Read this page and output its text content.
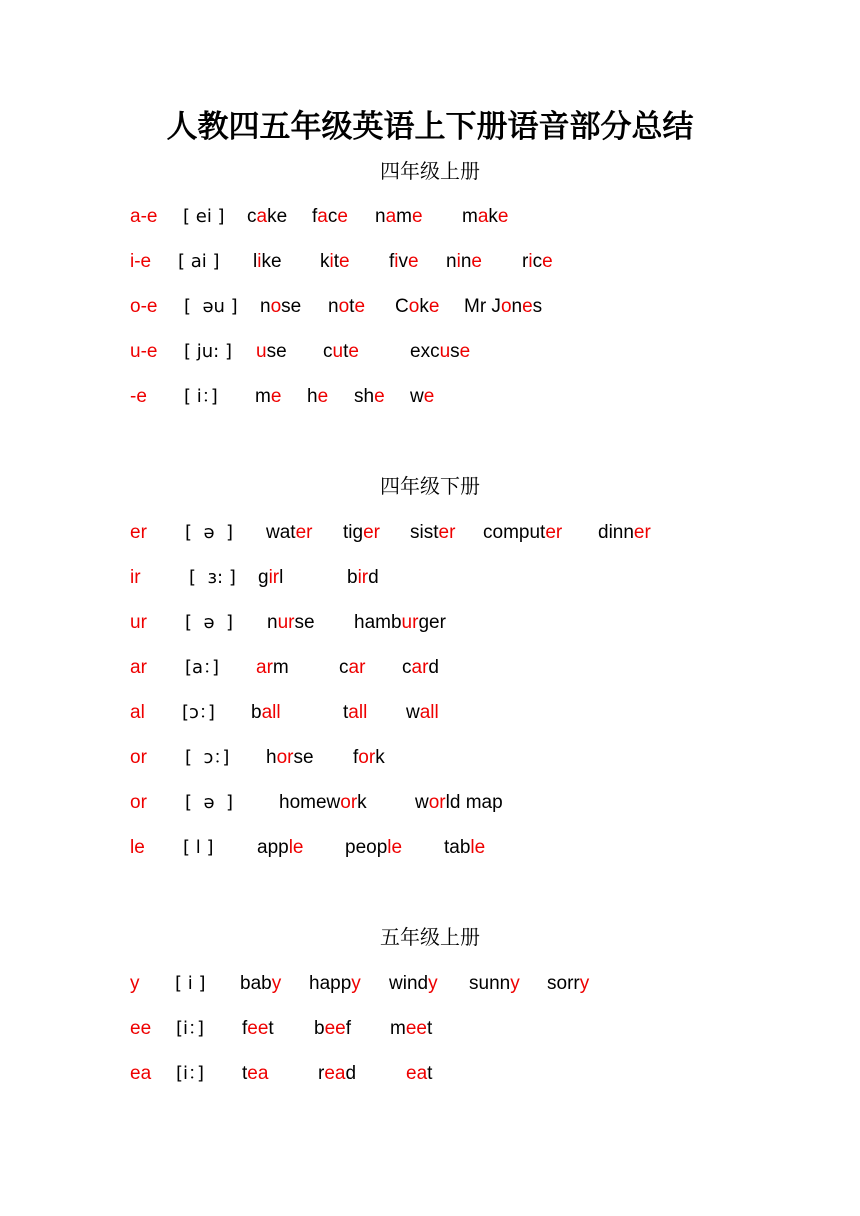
人教四五年级英语上下册语音部分总结
四年级上册
a-e [ ei ] cake face name make
i-e [ ai ] like kite five nine rice
o-e [  əu ] nose note Coke Mr Jones
u-e [ ju: ] use cute	excuse
-e [ i：] me he she we
四年级下册
er [  ə  ] water tiger sister computer dinner
ir	[  ɜ: ] girl	bird
ur [  ə  ] nurse hamburger
ar [a：] arm	car card
al [ɔ：] ball	tall wall
or [  ɔ：] horse fork
or [  ə  ] homework	world map
le [ l ] apple people table
五年级上册
y [ i ] baby happy windy sunny sorry
ee [i：] feet beef meet
ea [i：] tea	read	eat
